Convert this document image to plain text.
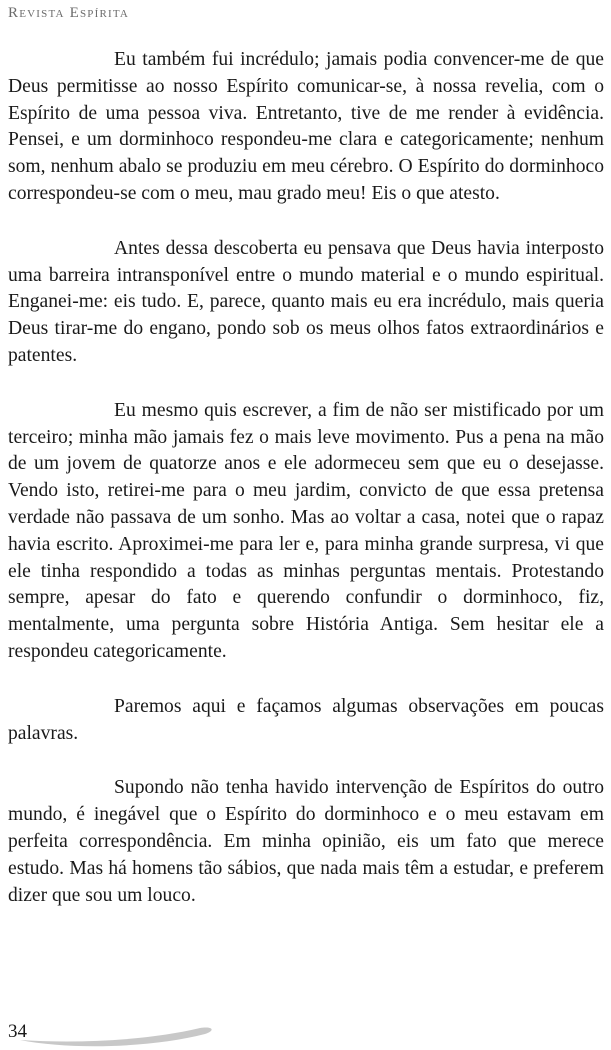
Revista Espírita

Eu também fui incrédulo; jamais podia convencer-me de que Deus permitisse ao nosso Espírito comunicar-se, à nossa revelia, com o Espírito de uma pessoa viva. Entretanto, tive de me render à evidência. Pensei, e um dorminhoco respondeu-me clara e categoricamente; nenhum som, nenhum abalo se produziu em meu cérebro. O Espírito do dorminhoco correspondeu-se com o meu, mau grado meu! Eis o que atesto.

Antes dessa descoberta eu pensava que Deus havia interposto uma barreira intransponível entre o mundo material e o mundo espiritual. Enganei-me: eis tudo. E, parece, quanto mais eu era incrédulo, mais queria Deus tirar-me do engano, pondo sob os meus olhos fatos extraordinários e patentes.

Eu mesmo quis escrever, a fim de não ser mistificado por um terceiro; minha mão jamais fez o mais leve movimento. Pus a pena na mão de um jovem de quatorze anos e ele adormeceu sem que eu o desejasse. Vendo isto, retirei-me para o meu jardim, convicto de que essa pretensa verdade não passava de um sonho. Mas ao voltar a casa, notei que o rapaz havia escrito. Aproximei-me para ler e, para minha grande surpresa, vi que ele tinha respondido a todas as minhas perguntas mentais. Protestando sempre, apesar do fato e querendo confundir o dorminhoco, fiz, mentalmente, uma pergunta sobre História Antiga. Sem hesitar ele a respondeu categoricamente.

Paremos aqui e façamos algumas observações em poucas palavras.

Supondo não tenha havido intervenção de Espíritos do outro mundo, é inegável que o Espírito do dorminhoco e o meu estavam em perfeita correspondência. Em minha opinião, eis um fato que merece estudo. Mas há homens tão sábios, que nada mais têm a estudar, e preferem dizer que sou um louco.

34
